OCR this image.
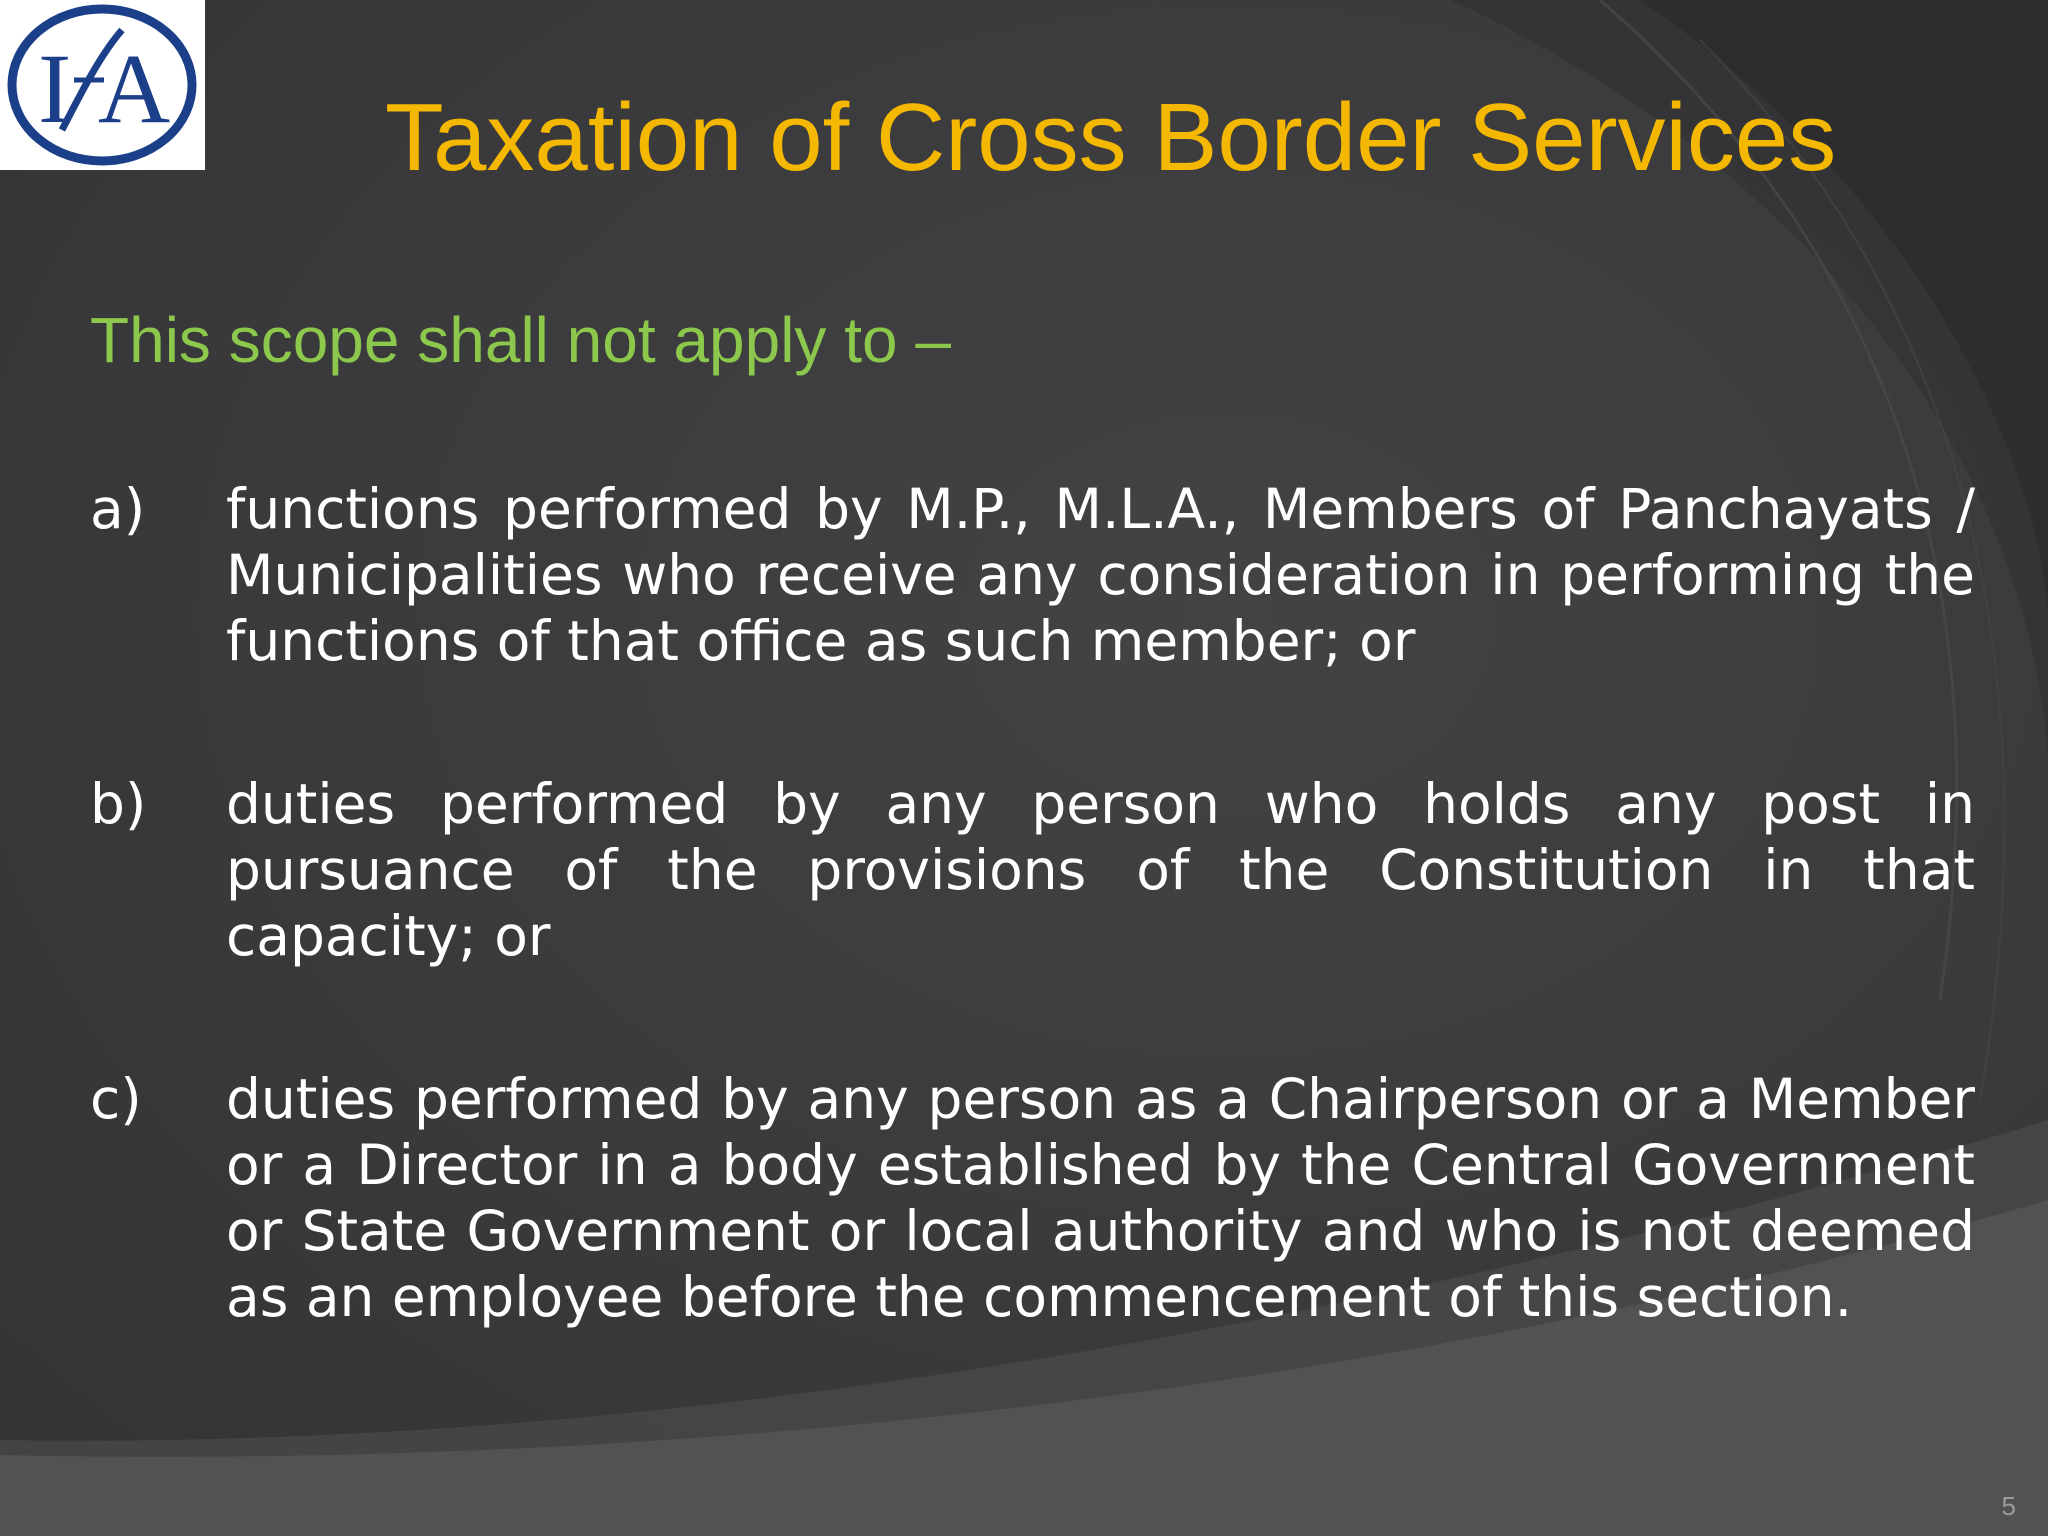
I A Taxation of Cross Border Services
This scope shall not apply to –
a)	functions performed by M.P., M.L.A., Members of Panchayats / Municipalities who receive any consideration in performing the functions of that office as such member; or
b)	duties performed by any person who holds any post in pursuance of the provisions of the Constitution in that capacity; or
c)	duties performed by any person as a Chairperson or a Member or a Director in a body established by the Central Government or State Government or local authority and who is not deemed as an employee before the commencement of this section.
5
